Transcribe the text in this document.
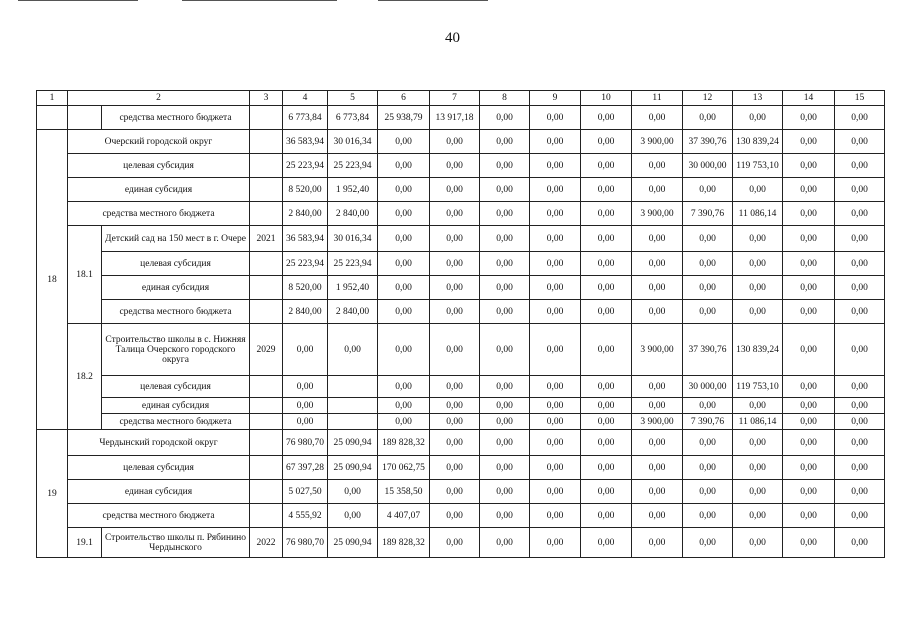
40
1	2		3	4	5	6	7	8	9	10	11	12	13	14	15
		средства местного бюджета		6 773,84	6 773,84	25 938,79	13 917,18	0,00	0,00	0,00	0,00	0,00	0,00	0,00	0,00
18	Очерский городской округ			36 583,94	30 016,34	0,00	0,00	0,00	0,00	0,00	3 900,00	37 390,76	130 839,24	0,00	0,00
	целевая субсидия			25 223,94	25 223,94	0,00	0,00	0,00	0,00	0,00	0,00	30 000,00	119 753,10	0,00	0,00
	единая субсидия			8 520,00	1 952,40	0,00	0,00	0,00	0,00	0,00	0,00	0,00	0,00	0,00	0,00
	средства местного бюджета			2 840,00	2 840,00	0,00	0,00	0,00	0,00	0,00	3 900,00	7 390,76	11 086,14	0,00	0,00
	18.1	Детский сад на 150 мест в г. Очере	2021	36 583,94	30 016,34	0,00	0,00	0,00	0,00	0,00	0,00	0,00	0,00	0,00	0,00
		целевая субсидия		25 223,94	25 223,94	0,00	0,00	0,00	0,00	0,00	0,00	0,00	0,00	0,00	0,00
		единая субсидия		8 520,00	1 952,40	0,00	0,00	0,00	0,00	0,00	0,00	0,00	0,00	0,00	0,00
		средства местного бюджета		2 840,00	2 840,00	0,00	0,00	0,00	0,00	0,00	0,00	0,00	0,00	0,00	0,00
	18.2	Строительство школы в с. Нижняя Талица Очерского городского округа	2029	0,00	0,00	0,00	0,00	0,00	0,00	0,00	3 900,00	37 390,76	130 839,24	0,00	0,00
		целевая субсидия		0,00		0,00	0,00	0,00	0,00	0,00	0,00	30 000,00	119 753,10	0,00	0,00
		единая субсидия		0,00		0,00	0,00	0,00	0,00	0,00	0,00	0,00	0,00	0,00	0,00
		средства местного бюджета		0,00		0,00	0,00	0,00	0,00	0,00	3 900,00	7 390,76	11 086,14	0,00	0,00
19	Чердынский городской округ			76 980,70	25 090,94	189 828,32	0,00	0,00	0,00	0,00	0,00	0,00	0,00	0,00	0,00
	целевая субсидия			67 397,28	25 090,94	170 062,75	0,00	0,00	0,00	0,00	0,00	0,00	0,00	0,00	0,00
	единая субсидия			5 027,50	0,00	15 358,50	0,00	0,00	0,00	0,00	0,00	0,00	0,00	0,00	0,00
	средства местного бюджета			4 555,92	0,00	4 407,07	0,00	0,00	0,00	0,00	0,00	0,00	0,00	0,00	0,00
	19.1	Строительство школы п. Рябинино Чердынского	2022	76 980,70	25 090,94	189 828,32	0,00	0,00	0,00	0,00	0,00	0,00	0,00	0,00	0,00
